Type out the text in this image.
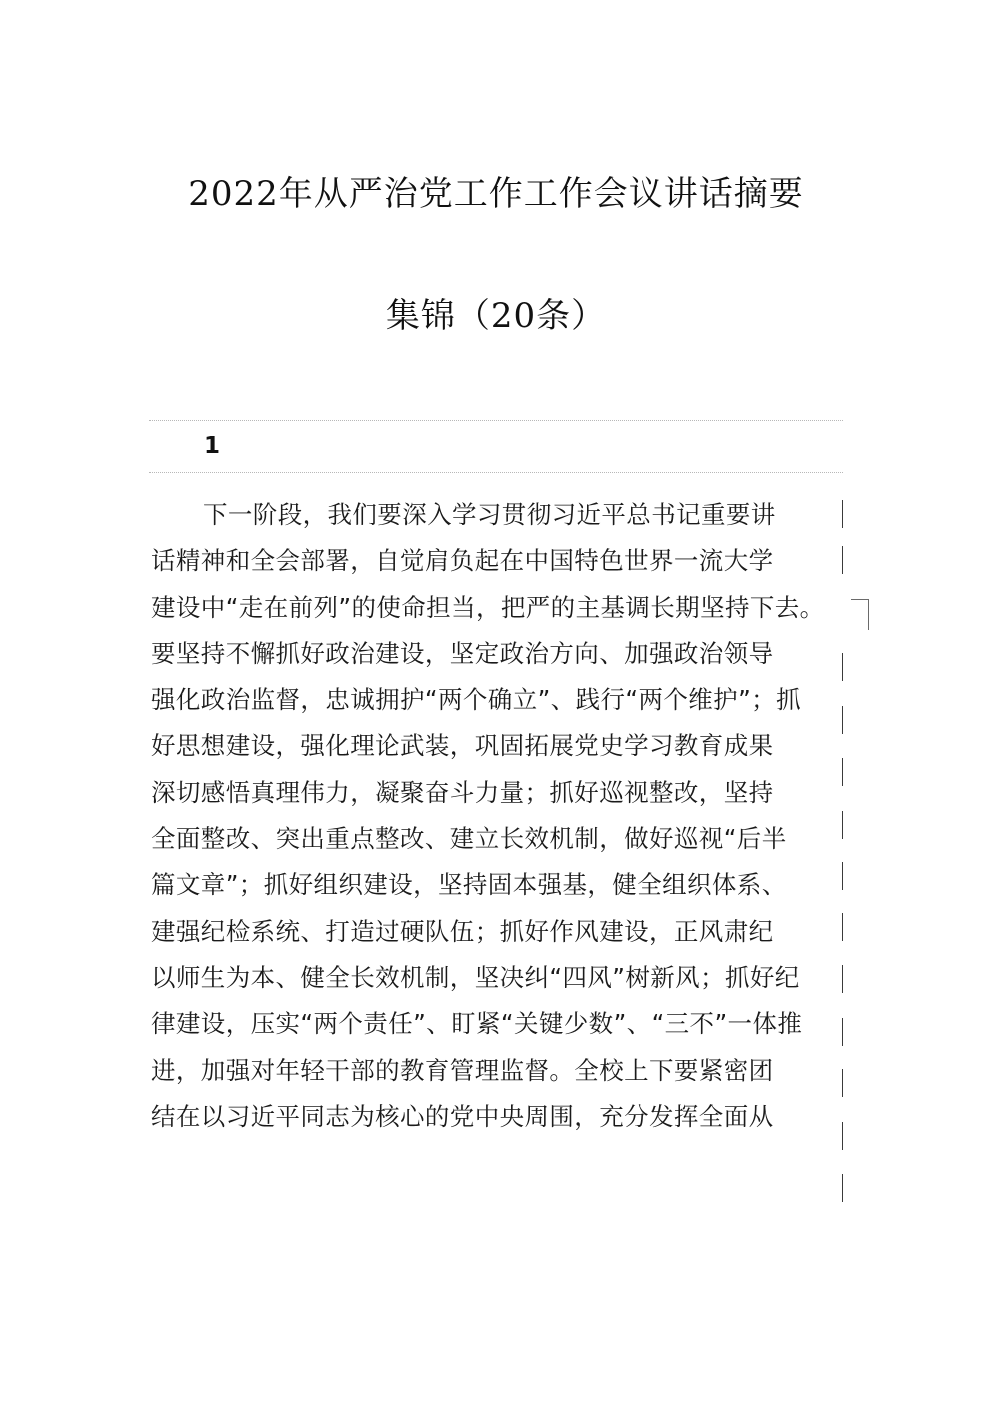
2022年从严治党工作工作会议讲话摘要
集锦（20条）
1
下一阶段，我们要深入学习贯彻习近平总书记重要讲
话精神和全会部署，自觉肩负起在中国特色世界一流大学
建设中“走在前列”的使命担当，把严的主基调长期坚持下去。
要坚持不懈抓好政治建设，坚定政治方向、加强政治领导
强化政治监督，忠诚拥护“两个确立”、践行“两个维护”；抓
好思想建设，强化理论武装，巩固拓展党史学习教育成果
深切感悟真理伟力，凝聚奋斗力量；抓好巡视整改，坚持
全面整改、突出重点整改、建立长效机制，做好巡视“后半
篇文章”；抓好组织建设，坚持固本强基，健全组织体系、
建强纪检系统、打造过硬队伍；抓好作风建设，正风肃纪
以师生为本、健全长效机制，坚决纠“四风”树新风；抓好纪
律建设，压实“两个责任”、盯紧“关键少数”、“三不”一体推
进，加强对年轻干部的教育管理监督。全校上下要紧密团
结在以习近平同志为核心的党中央周围，充分发挥全面从
